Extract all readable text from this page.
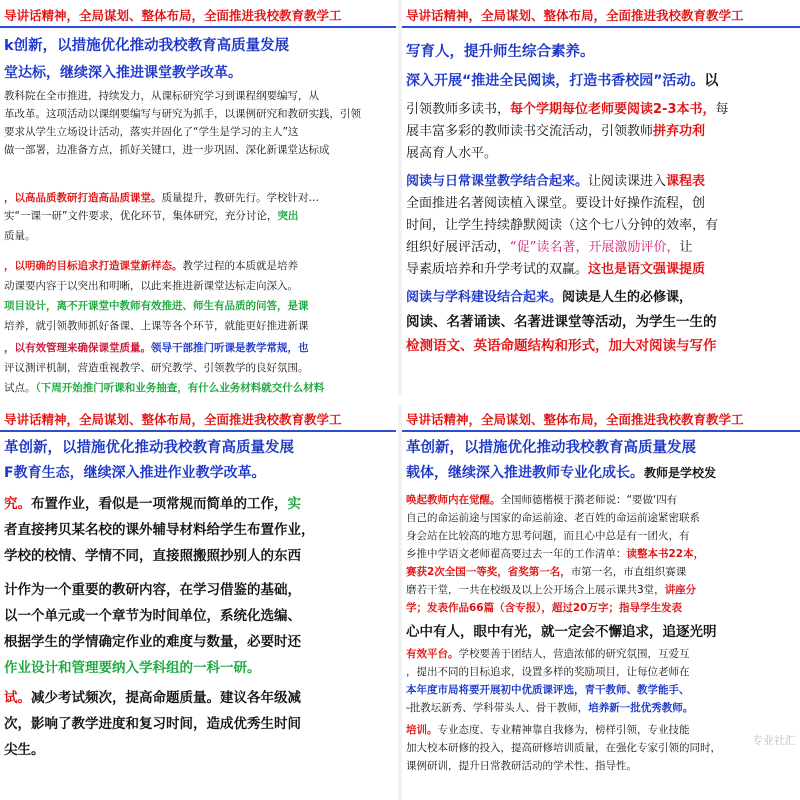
导讲话精神，全局谋划、整体布局，全面推进我校教育教学工
k创新，以措施优化推动我校教育高质量发展
堂达标，继续深入推进课堂教学改革。
教科院在全市推进，持续发力，从课标研究学习到课程纲要编写，从
革改革。这项活动以课纲要编写与研究为抓手，以课例研究和教研实践，引领
要求从学生立场设计活动，落实并固化了“学生是学习的主人”这
做一部署，边准备方点，抓好关键口，进一步巩固、深化新课堂达标成
，以高品质教研打造高品质课堂。质量提升，教研先行。学校针对…
实“一课一研”文件要求，优化环节，集体研究，充分讨论，突出
质量。
，以明确的目标追求打造课堂新样态。教学过程的本质就是培养
动课要内容于以突出和明晰，以此来推进新课堂达标走向深入。
项目设计，离不开课堂中教师有效推进、师生有品质的问答，是课
培养，就引领教师抓好备课、上课等各个环节，就能更好推进新课
，以有效管理来确保课堂质量。领导干部推门听课是教学常规，也
评议测评机制，营造重视教学、研究教学、引领教学的良好氛围。
试点。（下周开始推门听课和业务抽查，有什么业务材料就交什么材料
导讲话精神，全局谋划、整体布局，全面推进我校教育教学工
写育人，提升师生综合素养。
深入开展“推进全民阅读，打造书香校园”活动。以
引领教师多读书，每个学期每位老师要阅读2-3本书，每
展丰富多彩的教师读书交流活动，引领教师拼弃功利
展高育人水平。
阅读与日常课堂教学结合起来。让阅读课进入课程表
全面推进名著阅读植入课堂。要设计好操作流程，创
时间，让学生持续静默阅读（这个七八分钟的效率，有
组织好展评活动，“促”读名著，开展激励评价，让
导素质培养和升学考试的双赢。这也是语文强课提质
阅读与学科建设结合起来。阅读是人生的必修课，
阅读、名著诵读、名著进课堂等活动，为学生一生的
检测语文、英语命题结构和形式，加大对阅读与写作
导讲话精神，全局谋划、整体布局，全面推进我校教育教学工
革创新，以措施优化推动我校教育高质量发展
F教育生态，继续深入推进作业教学改革。
究。布置作业，看似是一项常规而简单的工作，实
者直接拷贝某名校的课外辅导材料给学生布置作业，
学校的校情、学情不同，直接照搬照抄别人的东西
计作为一个重要的教研内容，在学习借鉴的基础，
以一个单元或一个章节为时间单位，系统化选编、
根据学生的学情确定作业的难度与数量，必要时还
作业设计和管理要纳入学科组的一科一研。
试。减少考试频次，提高命题质量。建议各年级减
次，影响了教学进度和复习时间，造成优秀生时间
尖生。
导讲话精神，全局谋划、整体布局，全面推进我校教育教学工
革创新，以措施优化推动我校教育高质量发展
载体，继续深入推进教师专业化成长。教师是学校发
唤起教师内在觉醒。全国师德楷模于漪老师说：“要做‘四有
自己的命运前途与国家的命运前途、老百姓的命运前途紧密联系
身会站在比较高的地方思考问题，而且心中总是有一团火，有
乡推中学语文老师翟高要过去一年的工作清单：读整本书22本，
赛获2次全国一等奖，省奖第一名，市第一名，市直组织赛课
磨若干堂，一共在校级及以上公开场合上展示课共3堂，讲座分
学；发表作品66篇（含专报），超过20万字；指导学生发表
心中有人，眼中有光，就一定会不懈追求，追逐光明
有效平台。学校要善于团结人，营造浓郁的研究氛围，互爱互
，提出不同的目标追求，设置多样的奖励项目，让每位老师在
本年度市局将要开展初中优质课评选，青干教师、教学能手、
-批教坛新秀、学科带头人、骨干教师，培养新一批优秀教师。
培训。专业态度、专业精神靠自我修为，榜样引领，专业技能
加大校本研修的投入，提高研修培训质量，在强化专家引领的同时，
课例研训，提升日常教研活动的学术性、指导性。
专业社汇
